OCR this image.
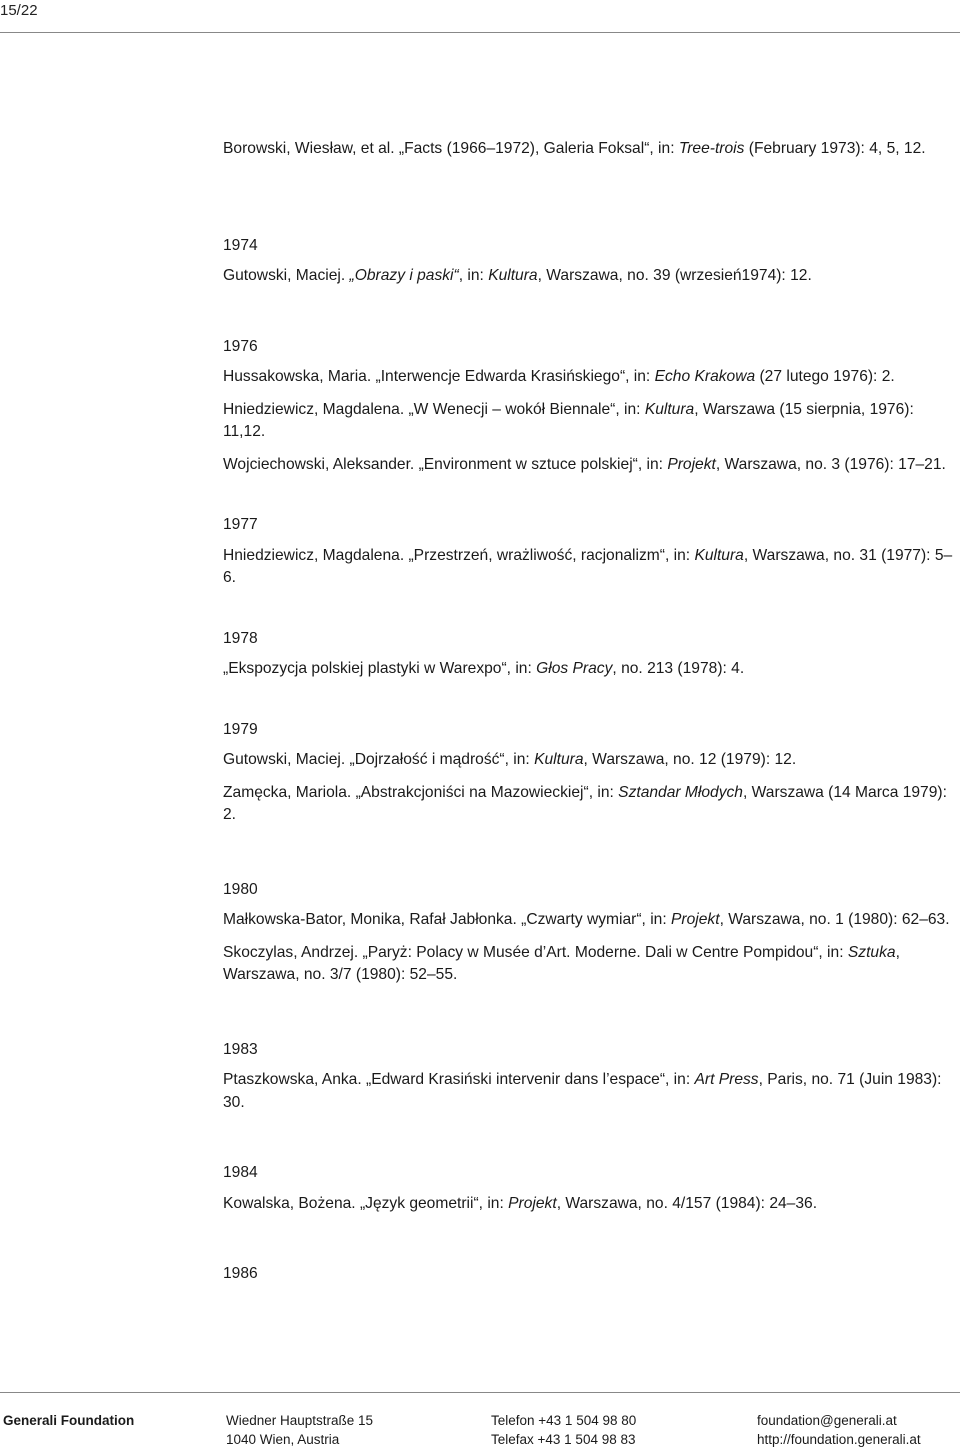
15/22
Borowski, Wiesław, et al. „Facts (1966–1972), Galeria Foksal“, in: Tree-trois (February 1973): 4, 5, 12.
1974
Gutowski, Maciej. „Obrazy i paski“, in: Kultura, Warszawa, no. 39 (wrzesień1974): 12.
1976
Hussakowska, Maria. „Interwencje Edwarda Krasińskiego“, in: Echo Krakowa (27 lutego 1976): 2.
Hniedziewicz, Magdalena. „W Wenecji – wokół Biennale“, in: Kultura, Warszawa (15 sierpnia, 1976): 11,12.
Wojciechowski, Aleksander. „Environment w sztuce polskiej“, in: Projekt, Warszawa, no. 3 (1976): 17–21.
1977
Hniedziewicz, Magdalena. „Przestrzeń, wrażliwość, racjonalizm“, in: Kultura, Warszawa, no. 31 (1977): 5–6.
1978
„Ekspozycja polskiej plastyki w Warexpo“, in: Głos Pracy, no. 213 (1978): 4.
1979
Gutowski, Maciej. „Dojrzałość i mądrość“, in: Kultura, Warszawa, no. 12 (1979): 12.
Zamęcka, Mariola. „Abstrakcjoniści na Mazowieckiej“, in: Sztandar Młodych, Warszawa (14 Marca 1979): 2.
1980
Małkowska-Bator, Monika, Rafał Jabłonka. „Czwarty wymiar“, in: Projekt, Warszawa, no. 1 (1980): 62–63.
Skoczylas, Andrzej. „Paryż: Polacy w Musée d’Art. Moderne. Dali w Centre Pompidou“, in: Sztuka, Warszawa, no. 3/7 (1980): 52–55.
1983
Ptaszkowska, Anka. „Edward Krasiński intervenir dans l’espace“, in: Art Press, Paris, no. 71 (Juin 1983): 30.
1984
Kowalska, Bożena. „Język geometrii“, in: Projekt, Warszawa, no. 4/157 (1984): 24–36.
1986
Generali Foundation	Wiedner Hauptstraße 15
1040 Wien, Austria
Telefon +43 1 504 98 80
Telefax +43 1 504 98 83
foundation@generali.at
http://foundation.generali.at
